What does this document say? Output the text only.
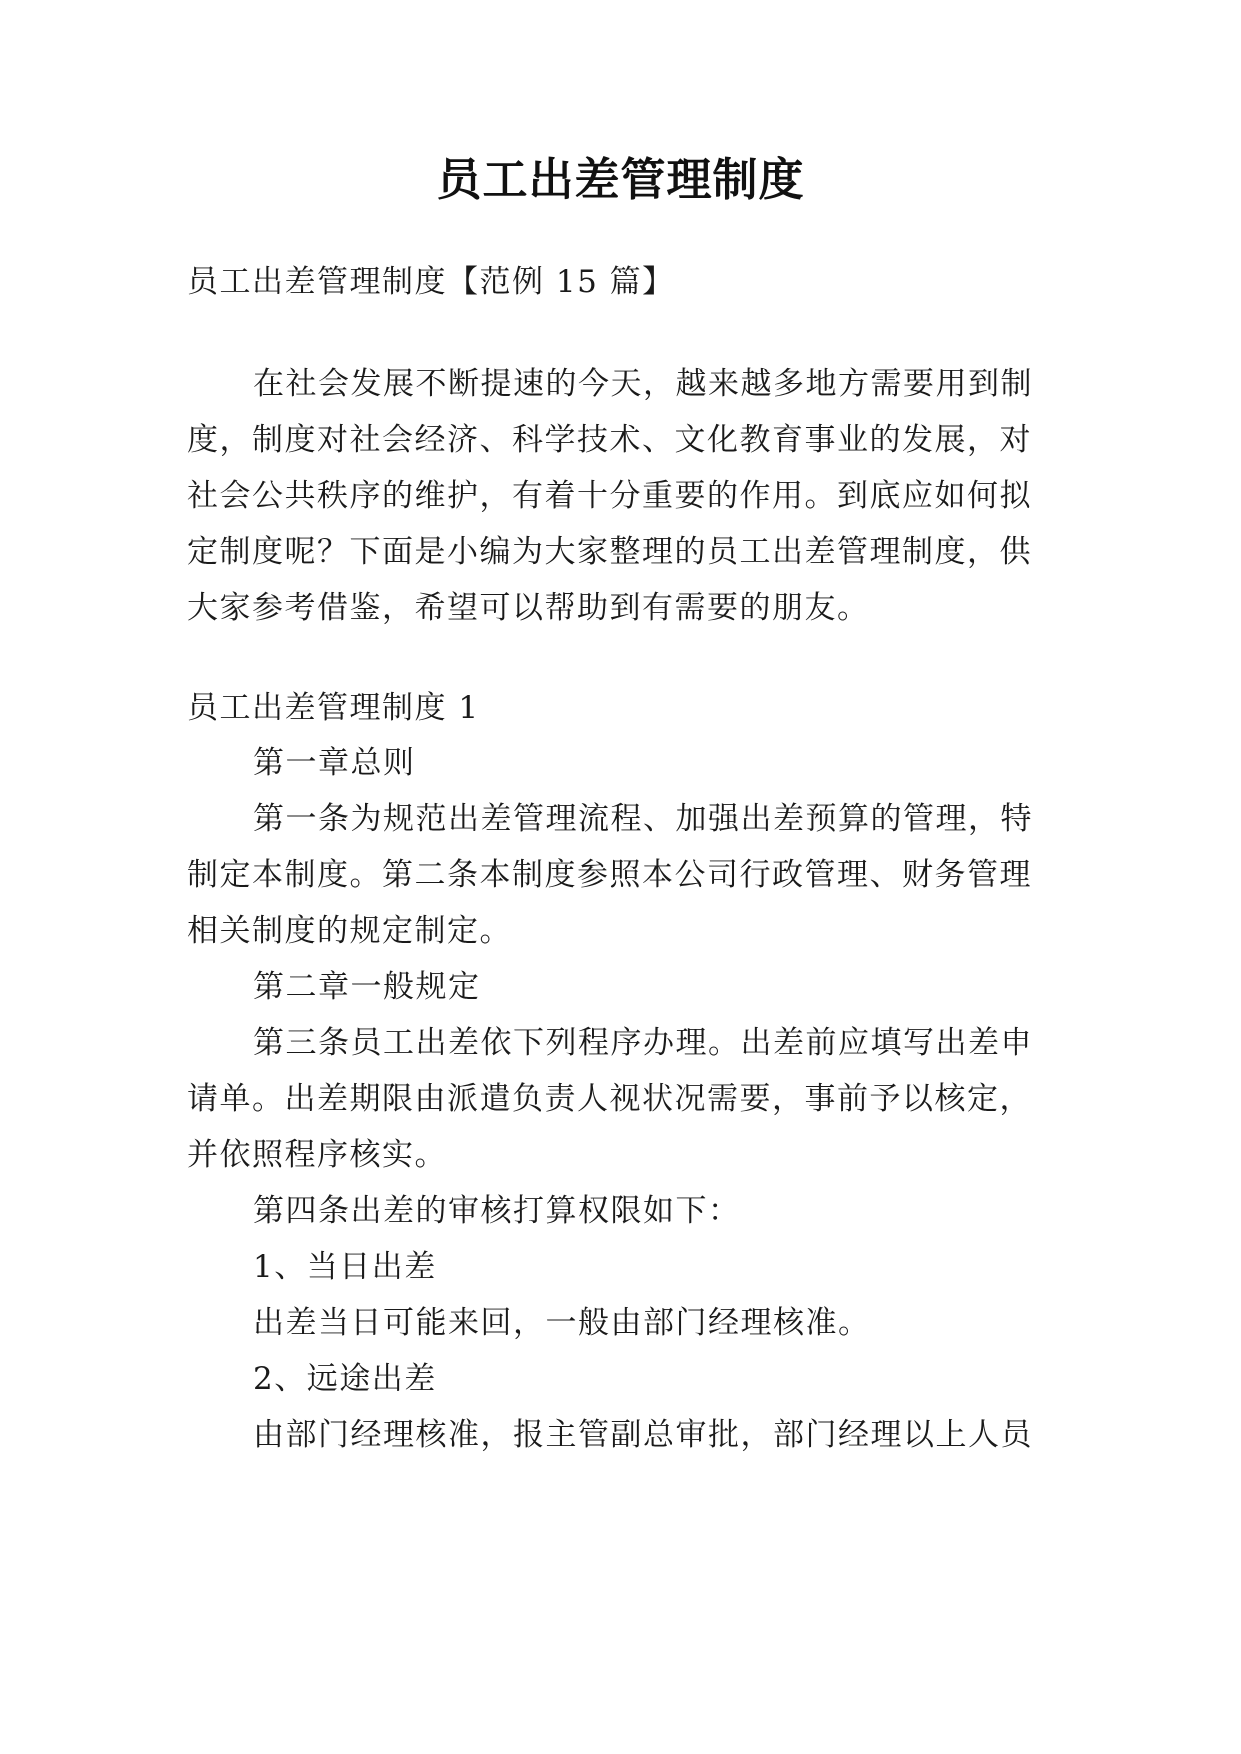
员工出差管理制度
员工出差管理制度【范例 15 篇】
在社会发展不断提速的今天，越来越多地方需要用到制
度，制度对社会经济、科学技术、文化教育事业的发展，对
社会公共秩序的维护，有着十分重要的作用。到底应如何拟
定制度呢？下面是小编为大家整理的员工出差管理制度，供
大家参考借鉴，希望可以帮助到有需要的朋友。
员工出差管理制度 1
第一章总则
第一条为规范出差管理流程、加强出差预算的管理，特
制定本制度。第二条本制度参照本公司行政管理、财务管理
相关制度的规定制定。
第二章一般规定
第三条员工出差依下列程序办理。出差前应填写出差申
请单。出差期限由派遣负责人视状况需要，事前予以核定，
并依照程序核实。
第四条出差的审核打算权限如下：
1、当日出差
出差当日可能来回，一般由部门经理核准。
2、远途出差
由部门经理核准，报主管副总审批，部门经理以上人员
